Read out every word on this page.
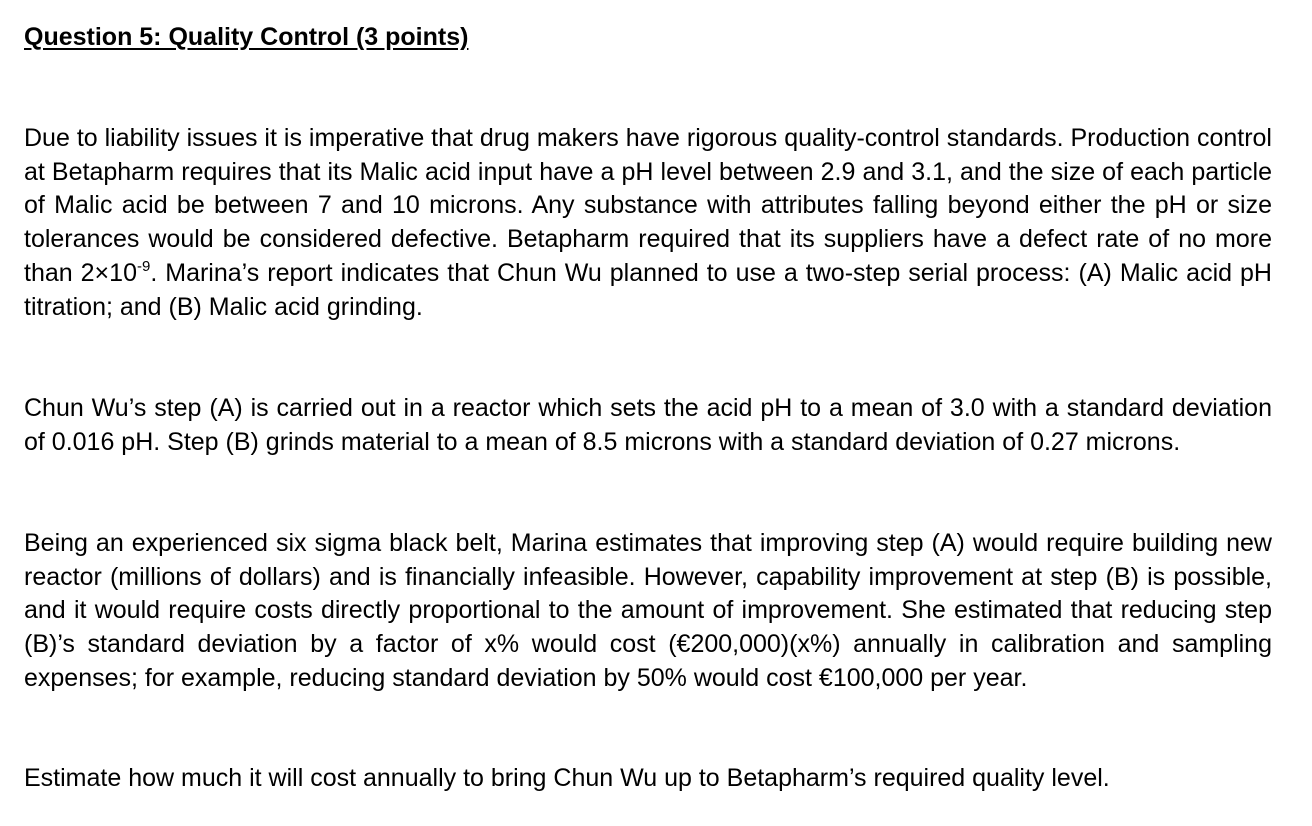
Question 5: Quality Control (3 points)

Due to liability issues it is imperative that drug makers have rigorous quality-control standards. Production control at Betapharm requires that its Malic acid input have a pH level between 2.9 and 3.1, and the size of each particle of Malic acid be between 7 and 10 microns. Any substance with attributes falling beyond either the pH or size tolerances would be considered defective. Betapharm required that its suppliers have a defect rate of no more than $2\times 10^{-9}$. Marina’s report indicates that Chun Wu planned to use a two-step serial process: (A) Malic acid pH titration; and (B) Malic acid grinding.

Chun Wu’s step (A) is carried out in a reactor which sets the acid pH to a mean of 3.0 with a standard deviation of 0.016 pH. Step (B) grinds material to a mean of 8.5 microns with a standard deviation of 0.27 microns.

Being an experienced six sigma black belt, Marina estimates that improving step (A) would require building new reactor (millions of dollars) and is financially infeasible. However, capability improvement at step (B) is possible, and it would require costs directly proportional to the amount of improvement. She estimated that reducing step (B)’s standard deviation by a factor of x% would cost (€200,000)(x%) annually in calibration and sampling expenses; for example, reducing standard deviation by 50% would cost €100,000 per year.

Estimate how much it will cost annually to bring Chun Wu up to Betapharm’s required quality level.
